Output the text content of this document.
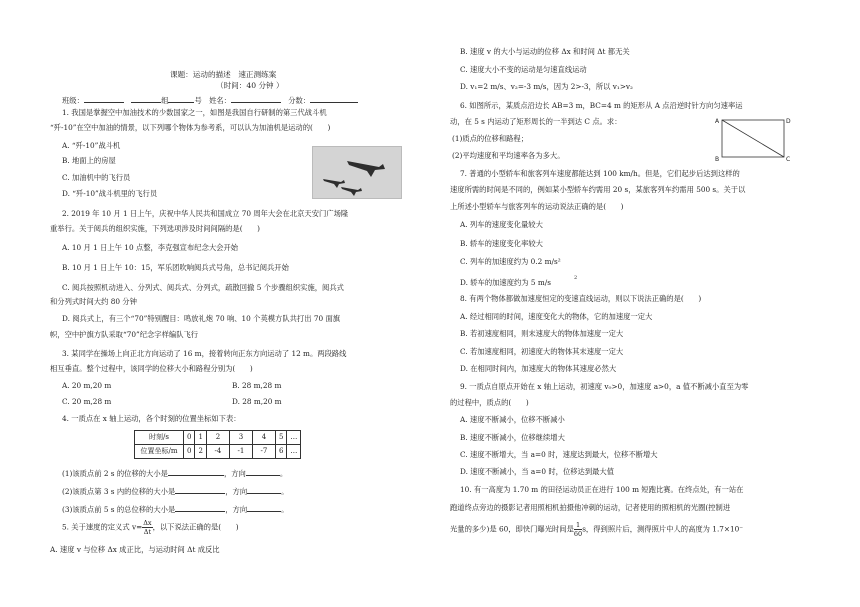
课题：运动的描述　速正测练案
（时间：40 分钟 ）
班级：　	组	号　 姓名：　	分数：
1. 我国是掌握空中加油技术的少数国家之一，如图是我国自行研制的第三代战斗机
“歼-10”在空中加油的情景，以下列哪个物体为参考系，可以认为加油机是运动的(　　)
A. “歼-10”战斗机
B. 地面上的房屋
C. 加油机中的飞行员
D. “歼-10”战斗机里的飞行员
2. 2019 年 10 月 1 日上午，庆祝中华人民共和国成立 70 周年大会在北京天安门广场隆
重举行。关于阅兵的组织实施，下列选项涉及时间间隔的是(　　)
A. 10 月 1 日上午 10 点整，李克强宣布纪念大会开始
B. 10 月 1 日上午 10：15，军乐团吹响阅兵式号角，总书记阅兵开始
C. 阅兵按照机动进入、分列式、阅兵式、分列式，疏散回撤 5 个步骤组织实施，阅兵式
和分列式时间大约 80 分钟
D. 阅兵式上，有三个“70”特别醒目：鸣放礼炮 70 响、10 个英模方队共打出 70 面旗
帜，空中护旗方队采取“70”纪念字样编队飞行
3. 某同学在操场上向正北方向运动了 16 m，接着转向正东方向运动了 12 m。两段路线
相互垂直。整个过程中，该同学的位移大小和路程分别为(　　)
A. 20 m,20 m	B. 28 m,28 m
C. 20 m,28 m	D. 28 m,20 m
4. 一质点在 x 轴上运动，各个时刻的位置坐标如下表：
时刻/s	0	1	2	3	4	5	…
位置坐标/m	0	2	-4	-1	-7	6	…
(1)该质点前 2 s 的位移的大小是	，方向	。
(2)该质点第 3 s 内的位移的大小是	，方向	。
(3)该质点前 5 s 的总位移的大小是	，方向	。
5. 关于速度的定义式 $v= \frac{\Delta x}{\Delta t}$ ，以下说法正确的是(　　)
A. 速度 v 与位移 Δx 成正比，与运动时间 Δt 成反比
B. 速度 v 的大小与运动的位移 Δx 和时间 Δt 都无关
C. 速度大小不变的运动是匀速直线运动
D. v₁=2 m/s、v₂=-3 m/s，因为 2>-3，所以 v₁>v₂
6. 如图所示，某质点沿边长 AB=3 m，BC=4 m 的矩形从 A 点沿逆时针方向匀速率运
动，在 5 s 内运动了矩形周长的一半到达 C 点。求：
(1)质点的位移和路程；
(2)平均速度和平均速率各为多大。
A
B	C
D
7. 普通的小型轿车和旅客列车速度都能达到 100 km/h。但是，它们起步后达到这样的
速度所需的时间是不同的，例如某小型轿车约需用 20 s，某旅客列车约需用 500 s。关于以
上所述小型轿车与旅客列车的运动说法正确的是(　　)
A. 列车的速度变化量较大
B. 轿车的速度变化率较大
C. 列车的加速度约为 0.2 m/s²
D. 轿车的加速度约为 5 m/s	2
8. 有两个物体都做加速度恒定的变速直线运动，则以下说法正确的是(　　)
A. 经过相同的时间，速度变化大的物体，它的加速度一定大
B. 若初速度相同，则末速度大的物体加速度一定大
C. 若加速度相同，初速度大的物体其末速度一定大
D. 在相同时间内，加速度大的物体其速度必然大
9. 一质点自原点开始在 x 轴上运动，初速度 v₀>0，加速度 a>0，a 值不断减小直至为零
的过程中，质点的(　　)
A. 速度不断减小，位移不断减小
B. 速度不断减小，位移继续增大
C. 速度不断增大，当 a=0 时，速度达到最大，位移不断增大
D. 速度不断减小，当 a=0 时，位移达到最大值
10. 有一高度为 1.70 m 的田径运动员正在进行 100 m 短跑比赛。在终点处，有一站在
跑道终点旁边的摄影记者用照相机拍摄他冲刺的运动，记者使用的照相机的光圈(控制进
光量的多少)是 60，即快门曝光时间是 $\frac{1}{60}$ s，得到照片后，测得照片中人的高度为 1.7×10⁻
